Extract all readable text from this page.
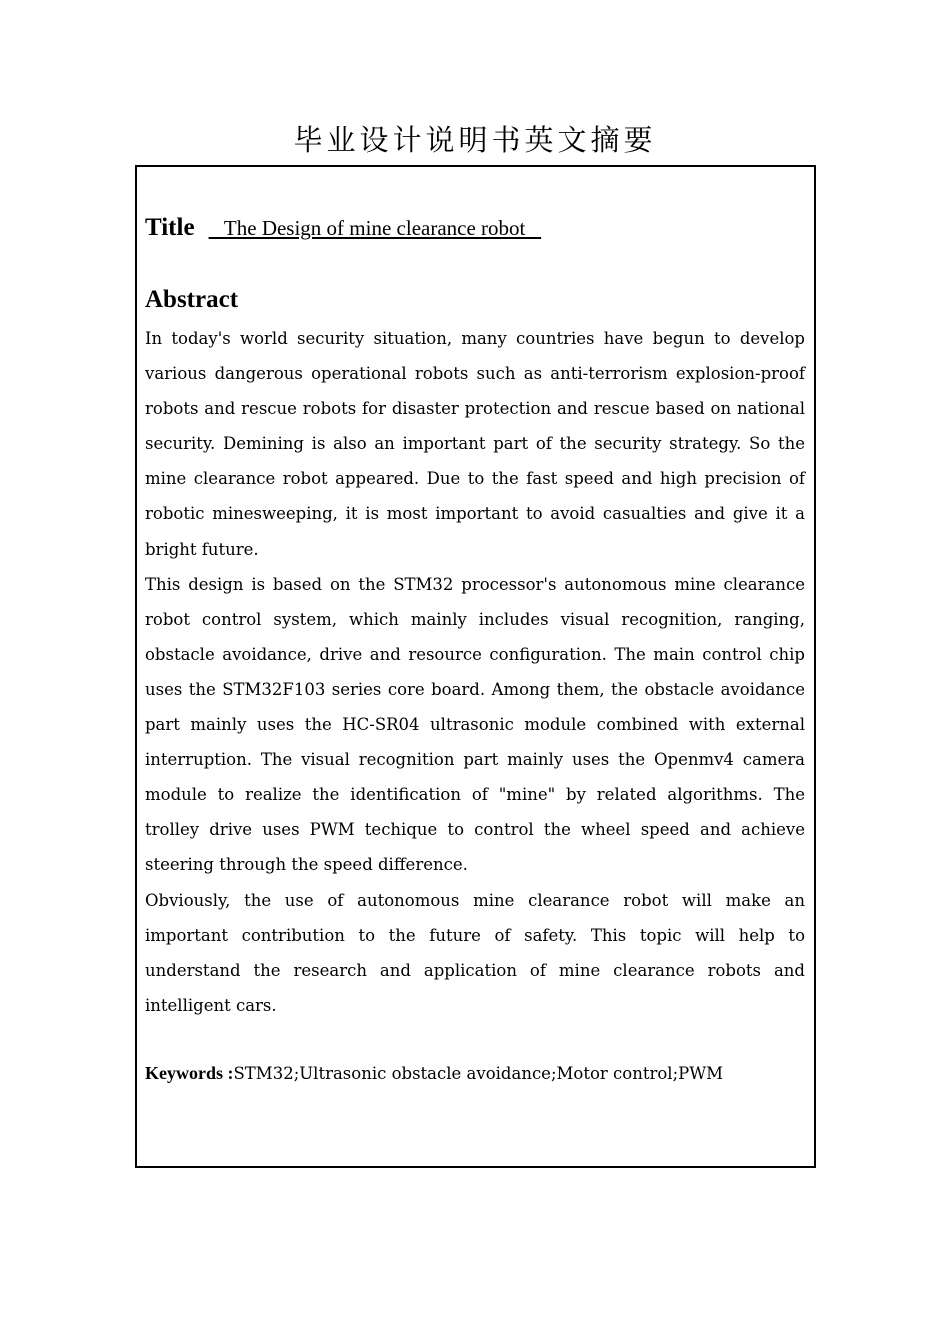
毕业设计说明书英文摘要
Title    The Design of mine clearance robot
Abstract

In today's world security situation, many countries have begun to develop various dangerous operational robots such as anti-terrorism explosion-proof robots and rescue robots for disaster protection and rescue based on national security. Demining is also an important part of the security strategy. So the mine clearance robot appeared. Due to the fast speed and high precision of robotic minesweeping, it is most important to avoid casualties and give it a bright future.

This design is based on the STM32 processor's autonomous mine clearance robot control system, which mainly includes visual recognition, ranging, obstacle avoidance, drive and resource configuration. The main control chip uses the STM32F103 series core board. Among them, the obstacle avoidance part mainly uses the HC-SR04 ultrasonic module combined with external interruption. The visual recognition part mainly uses the Openmv4 camera module to realize the identification of "mine" by related algorithms. The trolley drive uses PWM techique to control the wheel speed and achieve steering through the speed difference.

Obviously, the use of autonomous mine clearance robot will make an important contribution to the future of safety. This topic will help to understand the research and application of mine clearance robots and intelligent cars.

Keywords :STM32;Ultrasonic obstacle avoidance;Motor control;PWM
